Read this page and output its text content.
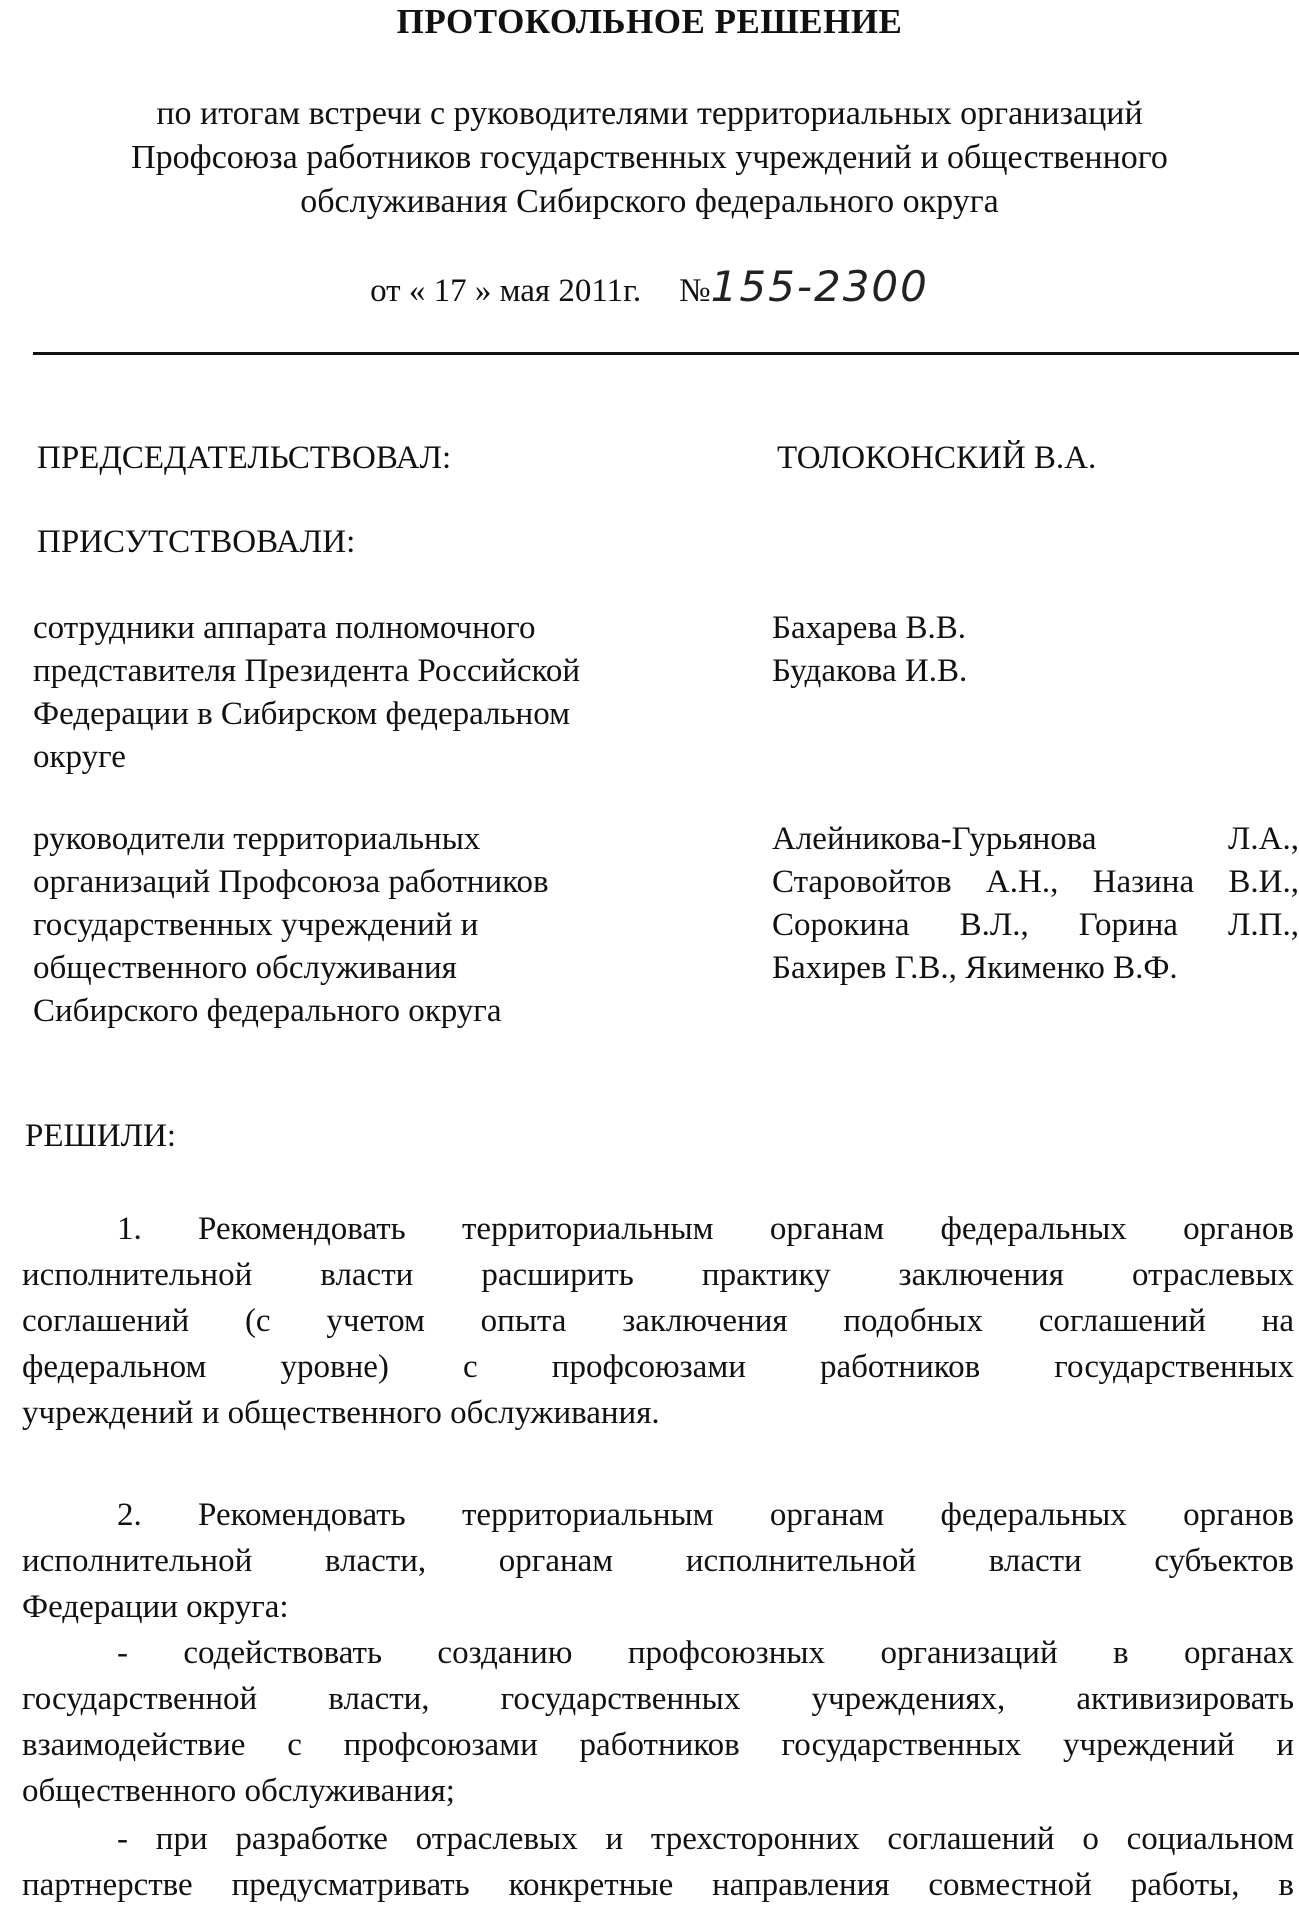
ПРОТОКОЛЬНОЕ РЕШЕНИЕ
по итогам встречи с руководителями территориальных организаций
Профсоюза работников государственных учреждений и общественного
обслуживания Сибирского федерального округа
от « 17 » мая 2011г. №155-2300
ПРЕДСЕДАТЕЛЬСТВОВАЛ:	ТОЛОКОНСКИЙ В.А.
ПРИСУТСТВОВАЛИ:
сотрудники аппарата полномочного
представителя Президента Российской
Федерации в Сибирском федеральном
округе
Бахарева В.В.
Будакова И.В.
руководители территориальных
организаций Профсоюза работников
государственных учреждений и
общественного обслуживания
Сибирского федерального округа
Алейникова-Гурьянова Л.А.,
Старовойтов А.Н., Назина В.И.,
Сорокина В.Л., Горина Л.П.,
Бахирев Г.В., Якименко В.Ф.
РЕШИЛИ:
1. Рекомендовать территориальным органам федеральных органов
исполнительной власти расширить практику заключения отраслевых
соглашений (с учетом опыта заключения подобных соглашений на
федеральном уровне) с профсоюзами работников государственных
учреждений и общественного обслуживания.
2. Рекомендовать территориальным органам федеральных органов
исполнительной власти, органам исполнительной власти субъектов
Федерации округа:
- содействовать созданию профсоюзных организаций в органах
государственной власти, государственных учреждениях, активизировать
взаимодействие с профсоюзами работников государственных учреждений и
общественного обслуживания;
- при разработке отраслевых и трехсторонних соглашений о социальном
партнерстве предусматривать конкретные направления совместной работы, в
